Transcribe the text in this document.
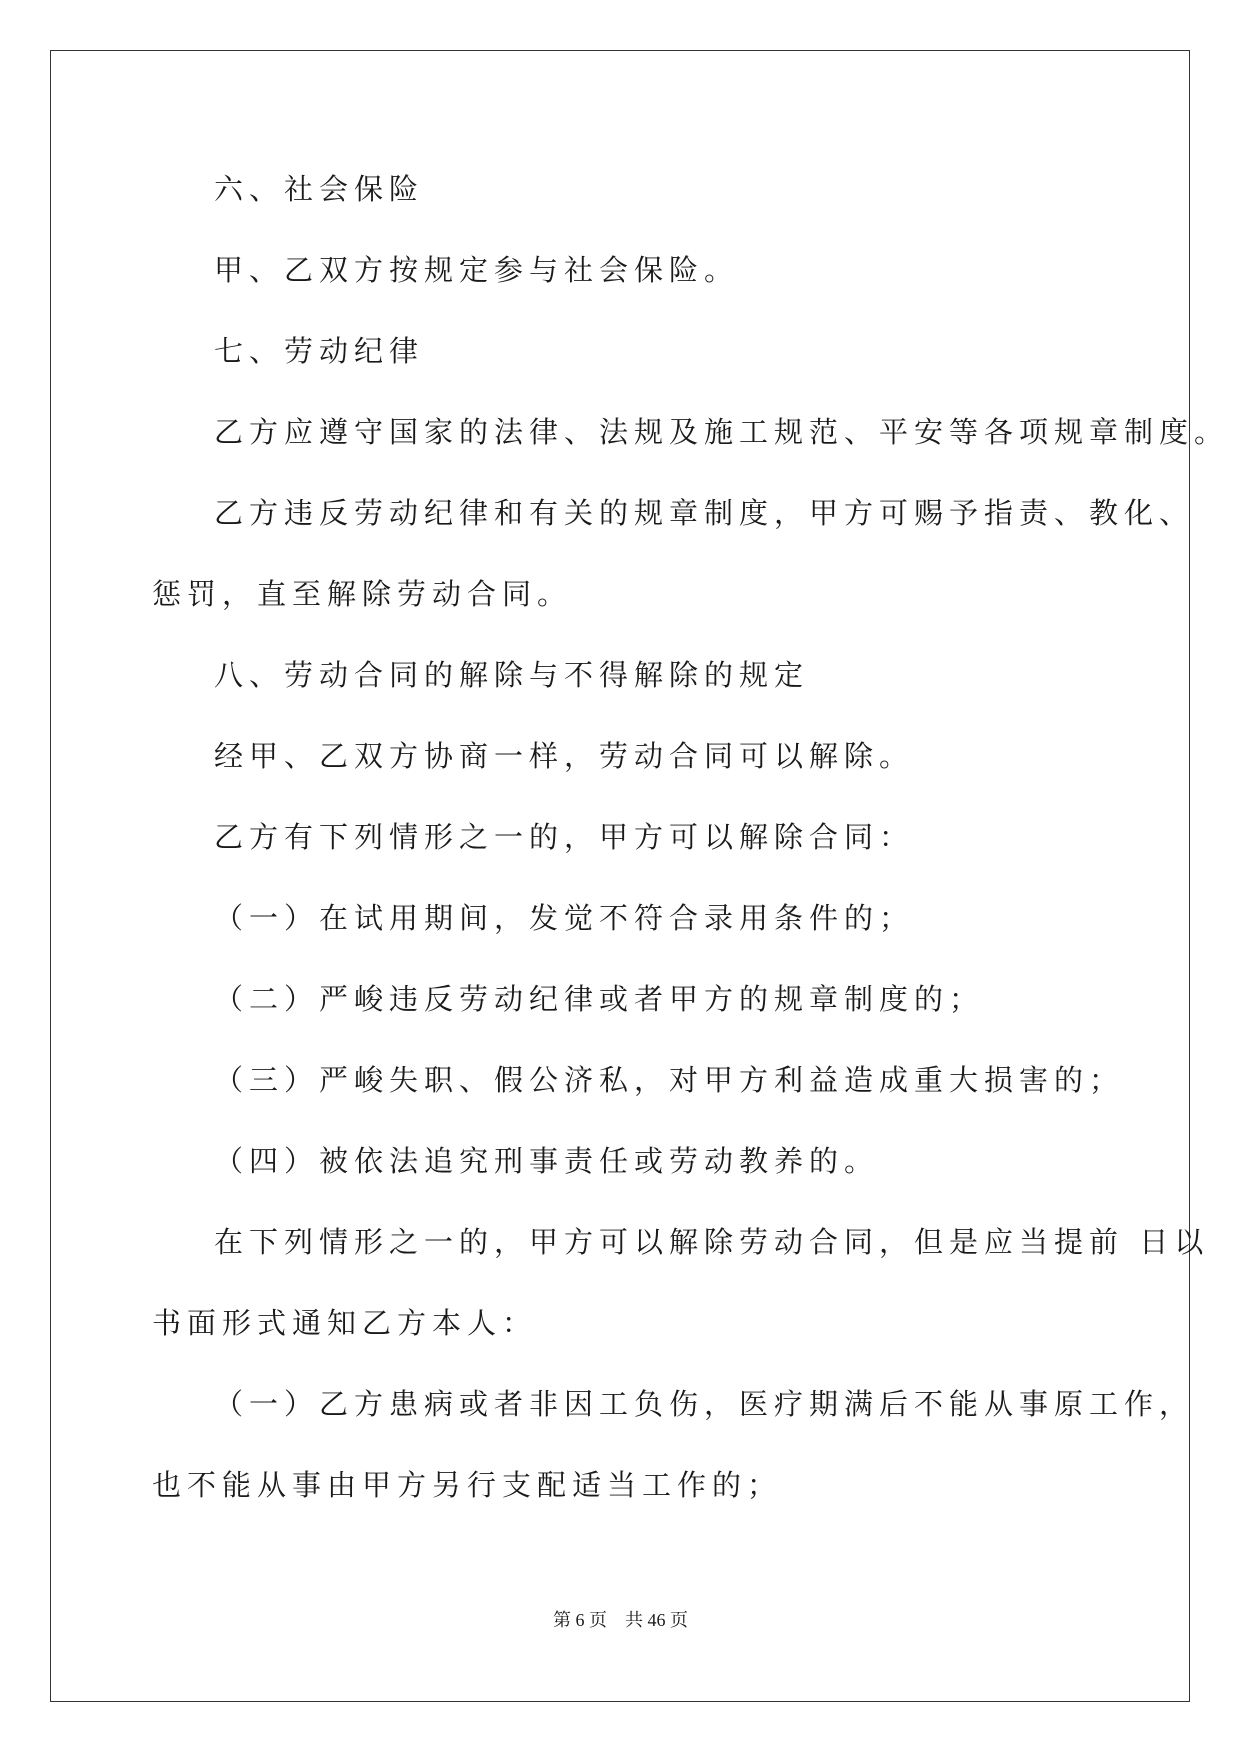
六、社会保险
甲、乙双方按规定参与社会保险。
七、劳动纪律
乙方应遵守国家的法律、法规及施工规范、平安等各项规章制度。
乙方违反劳动纪律和有关的规章制度，甲方可赐予指责、教化、
惩罚，直至解除劳动合同。
八、劳动合同的解除与不得解除的规定
经甲、乙双方协商一样，劳动合同可以解除。
乙方有下列情形之一的，甲方可以解除合同：
（一）在试用期间，发觉不符合录用条件的；
（二）严峻违反劳动纪律或者甲方的规章制度的；
（三）严峻失职、假公济私，对甲方利益造成重大损害的；
（四）被依法追究刑事责任或劳动教养的。
在下列情形之一的，甲方可以解除劳动合同，但是应当提前 日以
书面形式通知乙方本人：
（一）乙方患病或者非因工负伤，医疗期满后不能从事原工作，
也不能从事由甲方另行支配适当工作的；
第 6 页    共 46 页
